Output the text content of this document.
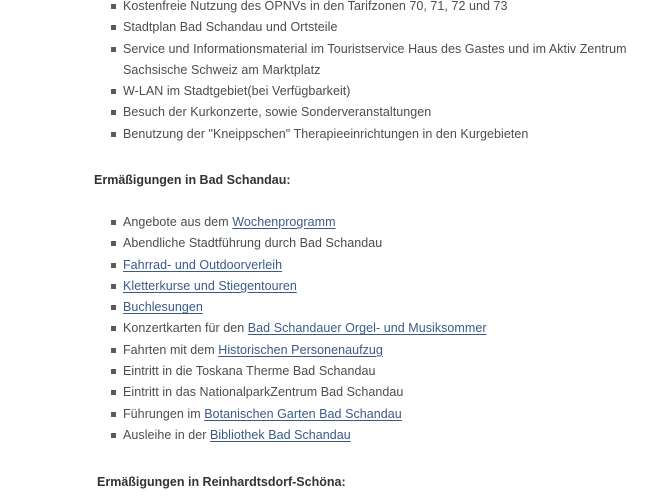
Kostenfreie Nutzung des ÖPNVs in den Tarifzonen 70, 71, 72 und 73
Stadtplan Bad Schandau und Ortsteile
Service und Informationsmaterial im Touristservice Haus des Gastes und im Aktiv Zentrum Sachsische Schweiz am Marktplatz
W-LAN im Stadtgebiet(bei Verfügbarkeit)
Besuch der Kurkonzerte, sowie Sonderveranstaltungen
Benutzung der "Kneippschen" Therapieeinrichtungen in den Kurgebieten

Ermäßigungen in Bad Schandau:

Angebote aus dem Wochenprogramm
Abendliche Stadtführung durch Bad Schandau
Fahrrad- und Outdoorverleih
Kletterkurse und Stiegentouren
Buchlesungen
Konzertkarten für den Bad Schandauer Orgel- und Musiksommer
Fahrten mit dem Historischen Personenaufzug
Eintritt in die Toskana Therme Bad Schandau
Eintritt in das NationalparkZentrum Bad Schandau
Führungen im Botanischen Garten Bad Schandau
Ausleihe in der Bibliothek Bad Schandau

Ermäßigungen in Reinhardtsdorf-Schöna:
